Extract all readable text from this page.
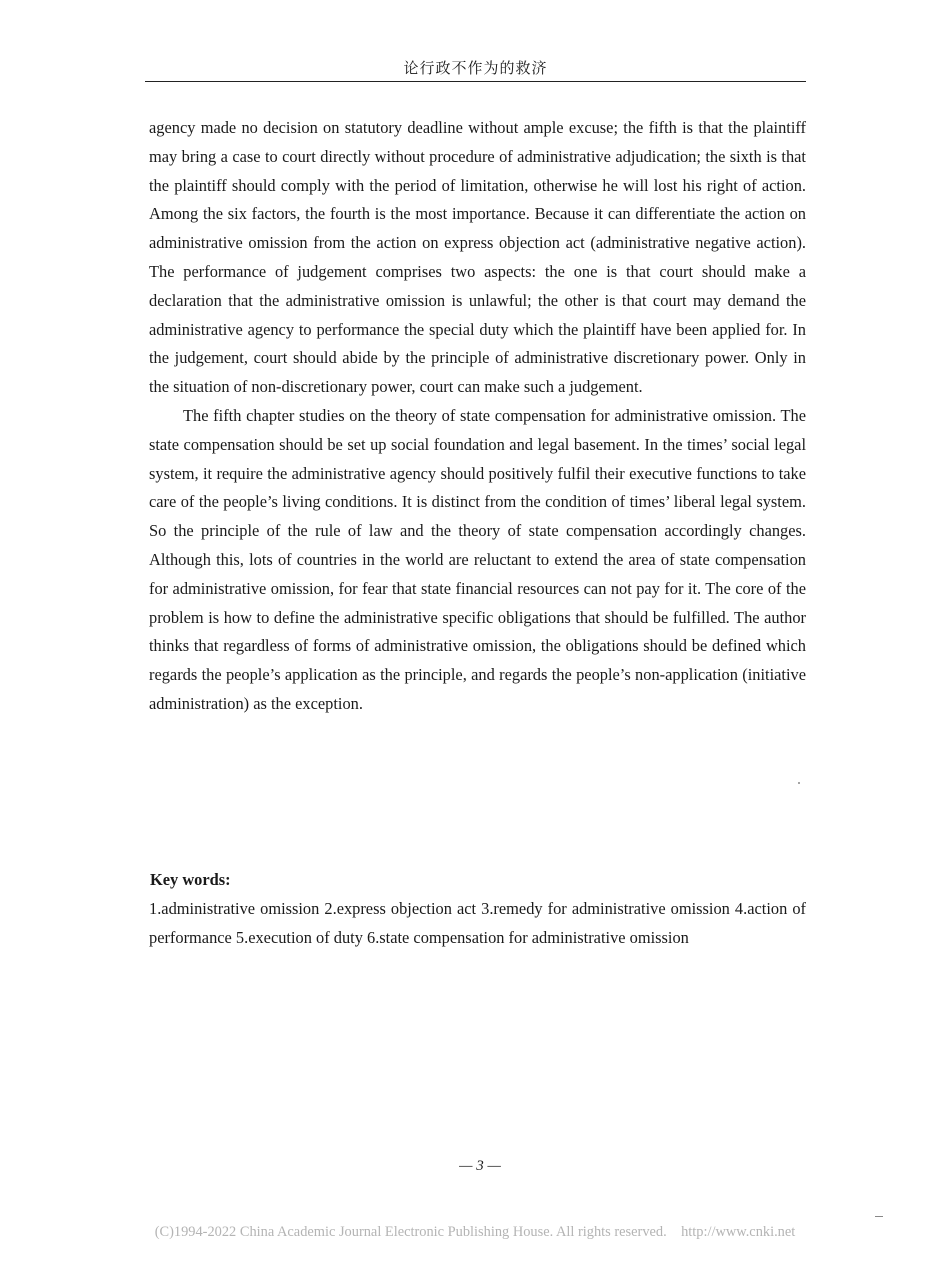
论行政不作为的救济

agency made no decision on statutory deadline without ample excuse; the fifth is that the plaintiff may bring a case to court directly without procedure of administrative adjudication; the sixth is that the plaintiff should comply with the period of limitation, otherwise he will lost his right of action. Among the six factors, the fourth is the most importance. Because it can differentiate the action on administrative omission from the action on express objection act (administrative negative action). The performance of judgement comprises two aspects: the one is that court should make a declaration that the administrative omission is unlawful; the other is that court may demand the administrative agency to performance the special duty which the plaintiff have been applied for. In the judgement, court should abide by the principle of administrative discretionary power. Only in the situation of non-discretionary power, court can make such a judgement.

The fifth chapter studies on the theory of state compensation for administrative omission. The state compensation should be set up social foundation and legal basement. In the times’ social legal system, it require the administrative agency should positively fulfil their executive functions to take care of the people’s living conditions. It is distinct from the condition of times’ liberal legal system. So the principle of the rule of law and the theory of state compensation accordingly changes. Although this, lots of countries in the world are reluctant to extend the area of state compensation for administrative omission, for fear that state financial resources can not pay for it. The core of the problem is how to define the administrative specific obligations that should be fulfilled. The author thinks that regardless of forms of administrative omission, the obligations should be defined which regards the people’s application as the principle, and regards the people’s non-application (initiative administration) as the exception.

Key words:
1.administrative omission 2.express objection act 3.remedy for administrative omission 4.action of performance 5.execution of duty 6.state compensation for administrative omission
— 3 —
(C)1994-2022 China Academic Journal Electronic Publishing House. All rights reserved.    http://www.cnki.net
